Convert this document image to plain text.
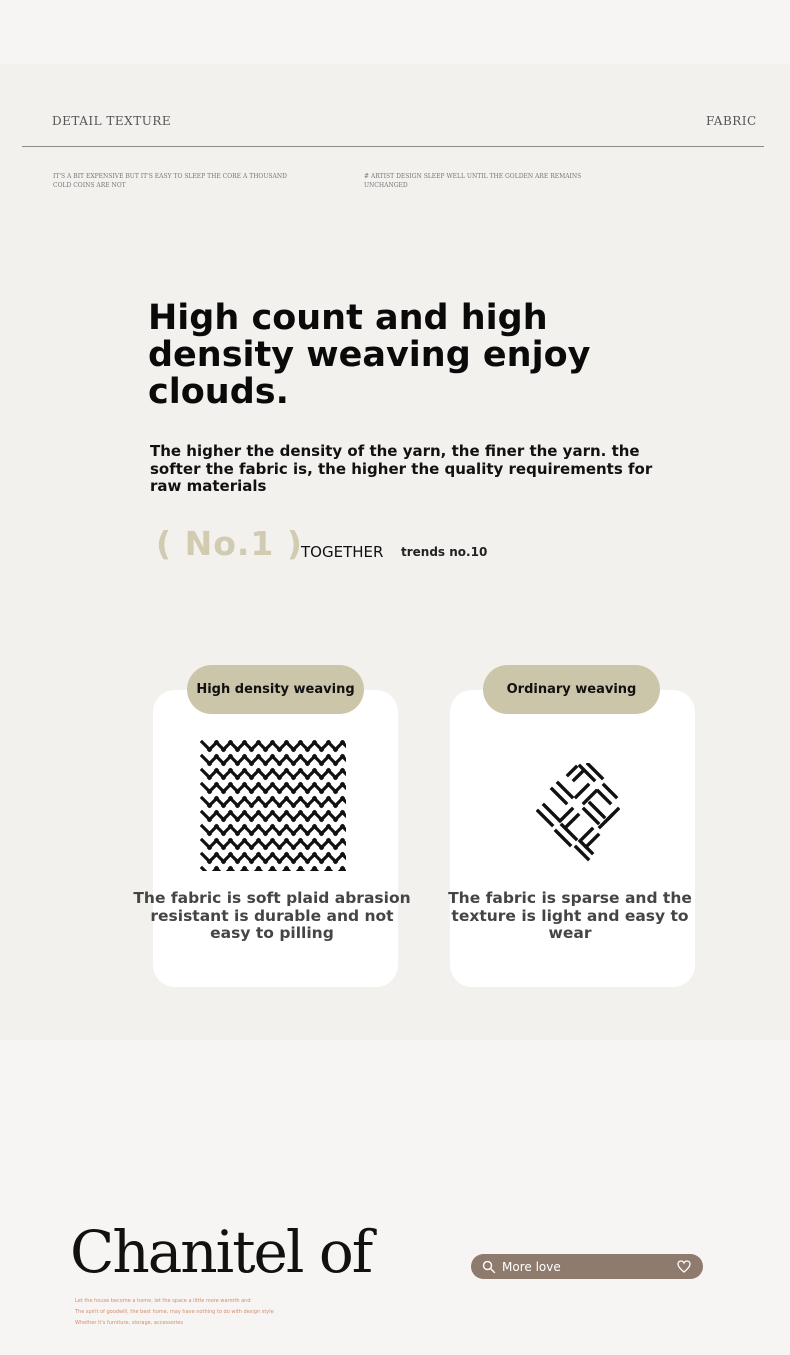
DETAIL TEXTURE	FABRIC
IT'S A BIT EXPENSIVE BUT IT'S EASY TO SLEEP THE CORE A THOUSAND COLD COINS ARE NOT
# ARTIST DESIGN SLEEP WELL UNTIL THE GOLDEN ARE REMAINS UNCHANGED
High count and high density weaving enjoy clouds.

The higher the density of the yarn, the finer the yarn. the softer the fabric is, the higher the quality requirements for raw materials

( No.1 )
TOGETHER trends no.10
High density weaving	Ordinary weaving

The fabric is soft plaid abrasion resistant is durable and not easy to pilling

The fabric is sparse and the texture is light and easy to wear

Chanitel of
Let the house become a home, let the space a little more warmth and
The spirit of goodwill, the best home, may have nothing to do with design style
Whether it's furniture, storage, accessories
More love
